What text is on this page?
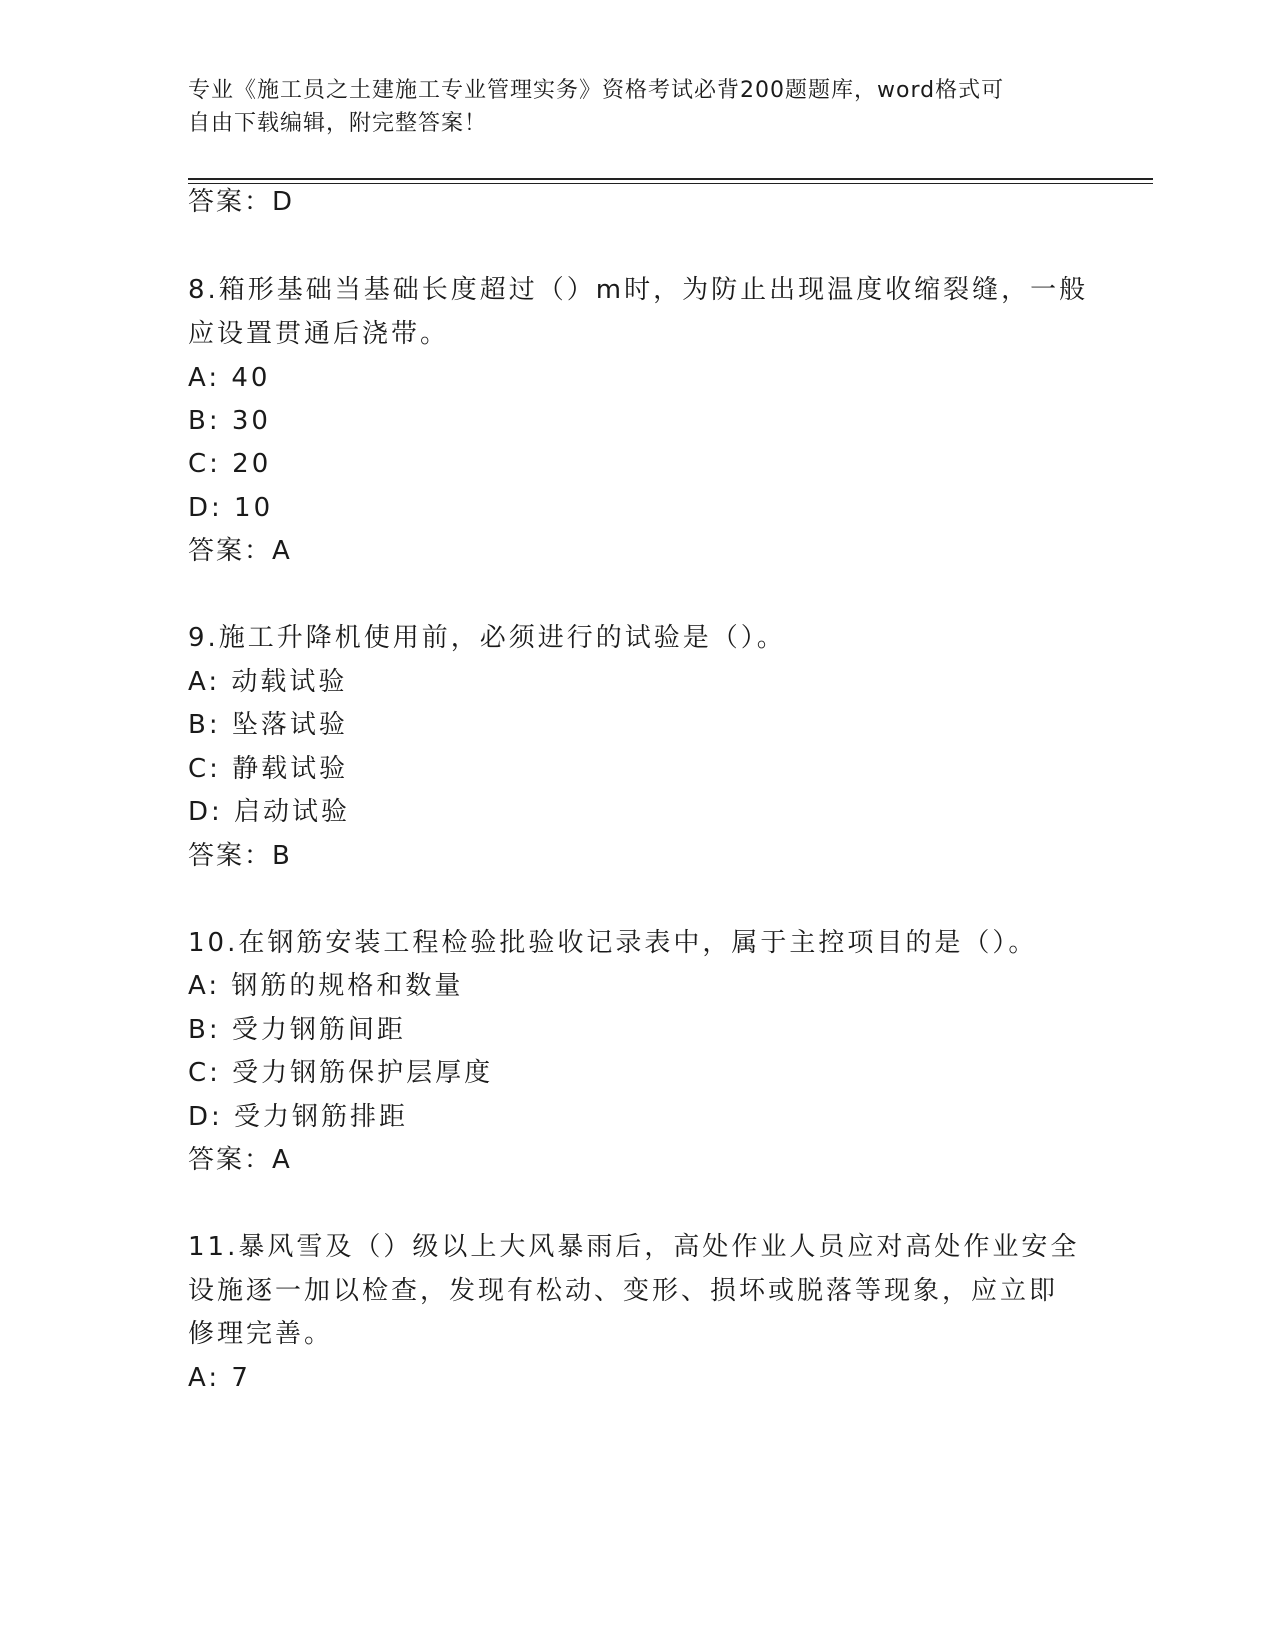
专业《施工员之土建施工专业管理实务》资格考试必背200题题库，word格式可
自由下载编辑，附完整答案！
答案：D
8.箱形基础当基础长度超过（）m时，为防止出现温度收缩裂缝，一般
应设置贯通后浇带。
A: 40
B: 30
C: 20
D: 10
答案：A
9.施工升降机使用前，必须进行的试验是（）。
A: 动载试验
B: 坠落试验
C: 静载试验
D: 启动试验
答案：B
10.在钢筋安装工程检验批验收记录表中，属于主控项目的是（）。
A: 钢筋的规格和数量
B: 受力钢筋间距
C: 受力钢筋保护层厚度
D: 受力钢筋排距
答案：A
11.暴风雪及（）级以上大风暴雨后，高处作业人员应对高处作业安全
设施逐一加以检查，发现有松动、变形、损坏或脱落等现象，应立即
修理完善。
A: 7
